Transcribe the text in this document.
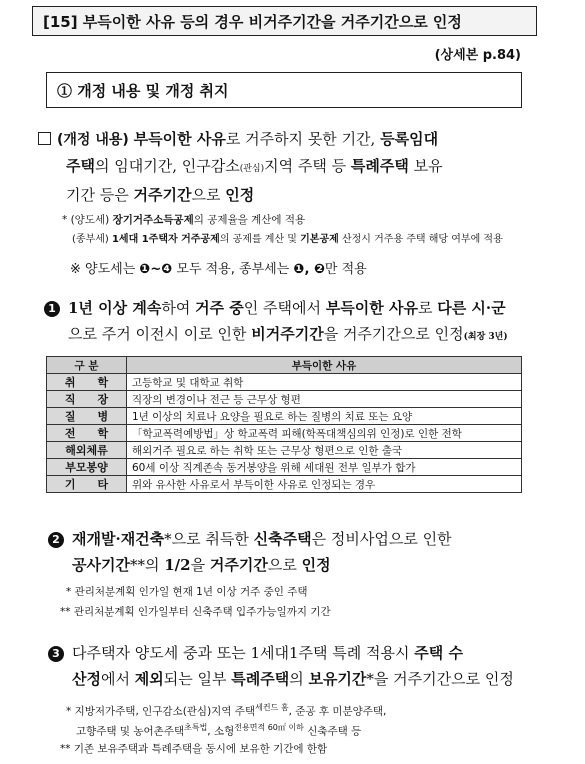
[15] 부득이한 사유 등의 경우 비거주기간을 거주기간으로 인정
(상세본 p.84)
① 개정 내용 및 개정 취지
(개정 내용) 부득이한 사유로 거주하지 못한 기간, 등록임대
주택의 임대기간, 인구감소(관심)지역 주택 등 특례주택 보유
기간 등은 거주기간으로 인정
* (양도세) 장기거주소득공제의 공제율을 계산에 적용
(종부세) 1세대 1주택자 거주공제의 공제를 계산 및 기본공제 산정시 거주용 주택 해당 여부에 적용
※ 양도세는 ❶~❹ 모두 적용, 종부세는 ❶, ❷만 적용
1 1년 이상 계속하여 거주 중인 주택에서 부득이한 사유로 다른 시·군
으로 주거 이전시 이로 인한 비거주기간을 거주기간으로 인정(최장 3년)
구 분	부득이한 사유
취　　학	고등학교 및 대학교 취학
직　　장	직장의 변경이나 전근 등 근무상 형편
질　　병	1년 이상의 치료나 요양을 필요로 하는 질병의 치료 또는 요양
전　　학	「학교폭력예방법」상 학교폭력 피해(학폭대책심의위 인정)로 인한 전학
해외체류	해외거주 필요로 하는 취학 또는 근무상 형편으로 인한 출국
부모봉양	60세 이상 직계존속 동거봉양을 위해 세대원 전부 일부가 합가
기　　타	위와 유사한 사유로서 부득이한 사유로 인정되는 경우
2 재개발·재건축*으로 취득한 신축주택은 정비사업으로 인한
공사기간**의 1/2을 거주기간으로 인정
* 관리처분계획 인가일 현재 1년 이상 거주 중인 주택
** 관리처분계획 인가일부터 신축주택 입주가능일까지 기간
3 다주택자 양도세 중과 또는 1세대1주택 특례 적용시 주택 수
산정에서 제외되는 일부 특례주택의 보유기간*을 거주기간으로 인정
* 지방저가주택, 인구감소(관심)지역 주택$^{세컨드 홈}$, 준공 후 미분양주택,
고향주택 및 농어촌주택$^{초특법}$, 소형$^{전용면적 60㎡ 이하}$ 신축주택 등
** 기존 보유주택과 특례주택을 동시에 보유한 기간에 한함
